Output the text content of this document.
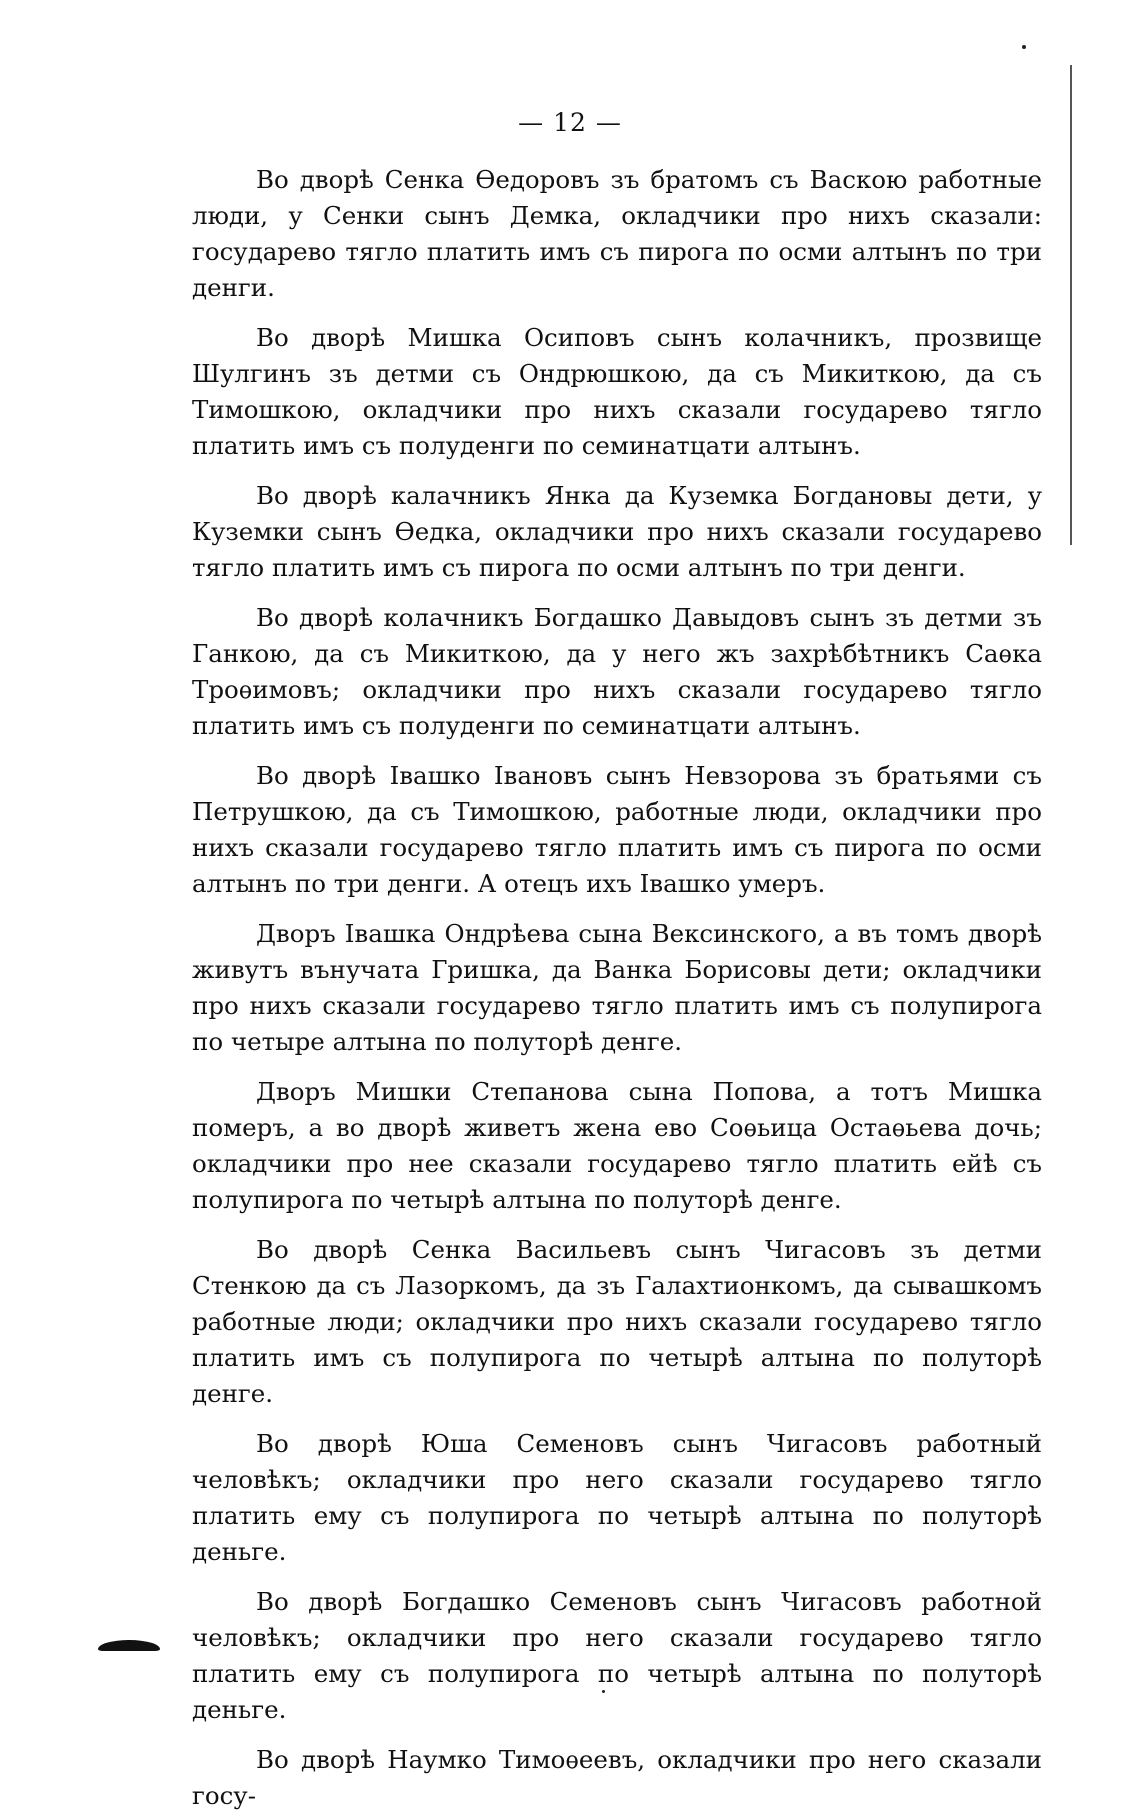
— 12 —

Во дворѣ Сенка Ѳедоровъ зъ братомъ съ Васкою работные люди, у Сенки сынъ Демка, окладчики про нихъ сказали: государево тягло платить имъ съ пирога по осми алтынъ по три денги.

Во дворѣ Мишка Осиповъ сынъ колачникъ, прозвище Шулгинъ зъ детми съ Ондрюшкою, да съ Микиткою, да съ Тимошкою, окладчики про нихъ сказали государево тягло платить имъ съ полуденги по семинатцати алтынъ.

Во дворѣ калачникъ Янка да Куземка Богдановы дети, у Куземки сынъ Ѳедка, окладчики про нихъ сказали государево тягло платить имъ съ пирога по осми алтынъ по три денги.

Во дворѣ колачникъ Богдашко Давыдовъ сынъ зъ детми зъ Ганкою, да съ Микиткою, да у него жъ захрѣбѣтникъ Саѳка Троѳимовъ; окладчики про нихъ сказали государево тягло платить имъ съ полуденги по семинатцати алтынъ.

Во дворѣ Івашко Івановъ сынъ Невзорова зъ братьями съ Петрушкою, да съ Тимошкою, работные люди, окладчики про нихъ сказали государево тягло платить имъ съ пирога по осми алтынъ по три денги. А отецъ ихъ Івашко умеръ.

Дворъ Івашка Ондрѣева сына Вексинского, а въ томъ дворѣ живутъ вънучата Гришка, да Ванка Борисовы дети; окладчики про нихъ сказали государево тягло платить имъ съ полупирога по четыре алтына по полуторѣ денге.

Дворъ Мишки Степанова сына Попова, а тотъ Мишка померъ, а во дворѣ живетъ жена ево Соѳьица Остаѳьева дочь; окладчики про нее сказали государево тягло платить ейѣ съ полупирога по четырѣ алтына по полуторѣ денге.

Во дворѣ Сенка Васильевъ сынъ Чигасовъ зъ детми Стенкою да съ Лазоркомъ, да зъ Галахтионкомъ, да сывашкомъ работные люди; окладчики про нихъ сказали государево тягло платить имъ съ полупирога по четырѣ алтына по полуторѣ денге.

Во дворѣ Юша Семеновъ сынъ Чигасовъ работный человѣкъ; окладчики про него сказали государево тягло платить ему съ полупирога по четырѣ алтына по полуторѣ деньге.

Во дворѣ Богдашко Семеновъ сынъ Чигасовъ работной человѣкъ; окладчики про него сказали государево тягло платить ему съ полупирога по четырѣ алтына по полуторѣ деньге.

Во дворѣ Наумко Тимоѳеевъ, окладчики про него сказали госу-
